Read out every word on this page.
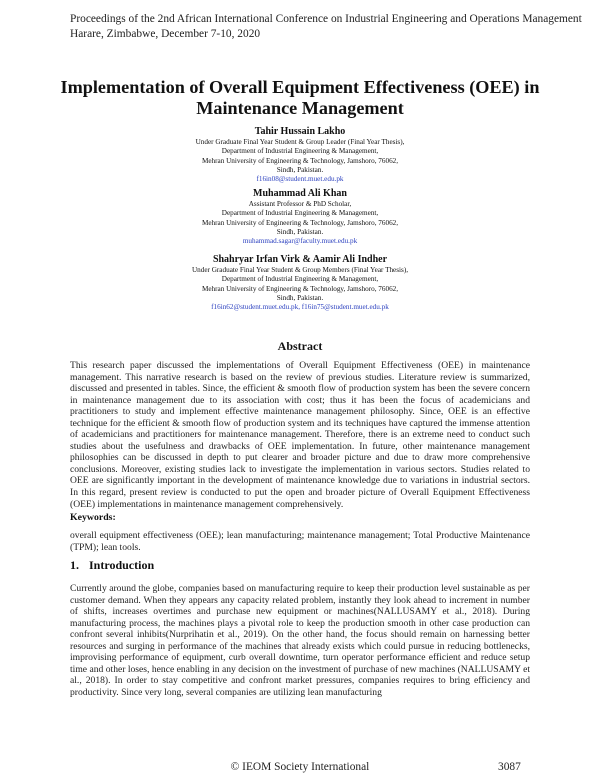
Proceedings of the 2nd African International Conference on Industrial Engineering and Operations Management
Harare, Zimbabwe, December 7-10, 2020
Implementation of Overall Equipment Effectiveness (OEE) in
Maintenance Management
Tahir Hussain Lakho
Under Graduate Final Year Student & Group Leader (Final Year Thesis),
Department of Industrial Engineering & Management,
Mehran University of Engineering & Technology, Jamshoro, 76062,
Sindh, Pakistan.
f16in08@student.muet.edu.pk
Muhammad Ali Khan
Assistant Professor & PhD Scholar,
Department of Industrial Engineering & Management,
Mehran University of Engineering & Technology, Jamshoro, 76062,
Sindh, Pakistan.
muhammad.sagar@faculty.muet.edu.pk
Shahryar Irfan Virk & Aamir Ali Indher
Under Graduate Final Year Student & Group Members (Final Year Thesis),
Department of Industrial Engineering & Management,
Mehran University of Engineering & Technology, Jamshoro, 76062,
Sindh, Pakistan.
f16in62@student.muet.edu.pk, f16in75@student.muet.edu.pk
Abstract
This research paper discussed the implementations of Overall Equipment Effectiveness (OEE) in maintenance management. This narrative research is based on the review of previous studies. Literature review is summarized, discussed and presented in tables. Since, the efficient & smooth flow of production system has been the severe concern in maintenance management due to its association with cost; thus it has been the focus of academicians and practitioners to study and implement effective maintenance management philosophy. Since, OEE is an effective technique for the efficient & smooth flow of production system and its techniques have captured the immense attention of academicians and practitioners for maintenance management. Therefore, there is an extreme need to conduct such studies about the usefulness and drawbacks of OEE implementation. In future, other maintenance management philosophies can be discussed in depth to put clearer and broader picture and due to draw more comprehensive conclusions. Moreover, existing studies lack to investigate the implementation in various sectors. Studies related to OEE are significantly important in the development of maintenance knowledge due to variations in industrial sectors. In this regard, present review is conducted to put the open and broader picture of Overall Equipment Effectiveness (OEE) implementations in maintenance management comprehensively.
Keywords:
overall equipment effectiveness (OEE); lean manufacturing; maintenance management; Total Productive Maintenance (TPM); lean tools.
1. Introduction
Currently around the globe, companies based on manufacturing require to keep their production level sustainable as per customer demand. When they appears any capacity related problem, instantly they look ahead to increment in number of shifts, increases overtimes and purchase new equipment or machines(NALLUSAMY et al., 2018). During manufacturing process, the machines plays a pivotal role to keep the production smooth in other case production can confront several inhibits(Nurprihatin et al., 2019). On the other hand, the focus should remain on harnessing better resources and surging in performance of the machines that already exists which could pursue in reducing bottlenecks, improvising performance of equipment, curb overall downtime, turn operator performance efficient and reduce setup time and other loses, hence enabling in any decision on the investment of purchase of new machines (NALLUSAMY et al., 2018). In order to stay competitive and confront market pressures, companies requires to bring efficiency and productivity. Since very long, several companies are utilizing lean manufacturing
© IEOM Society International	3087
